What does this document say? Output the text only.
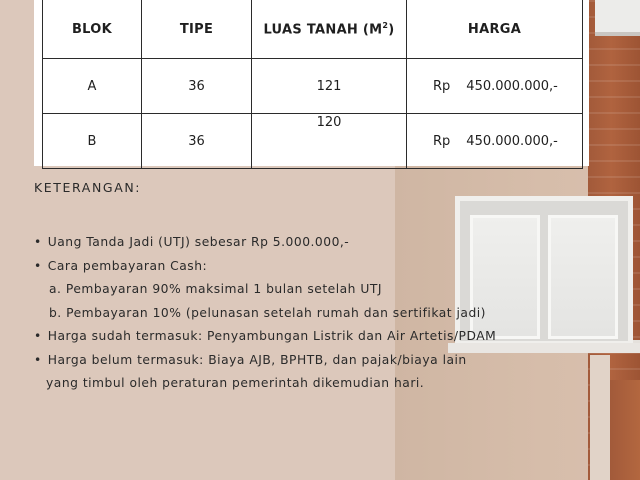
BLOK	TIPE	LUAS TANAH $(M^2)$	HARGA
A	36	121	Rp 450.000.000,-
B	36	120	Rp 450.000.000,-

KETERANGAN:

• Uang Tanda Jadi (UTJ) sebesar Rp 5.000.000,-
• Cara pembayaran Cash:
a. Pembayaran 90% maksimal 1 bulan setelah UTJ
b. Pembayaran 10% (pelunasan setelah rumah dan sertifikat jadi)
• Harga sudah termasuk: Penyambungan Listrik dan Air Artetis/PDAM
• Harga belum termasuk: Biaya AJB, BPHTB, dan pajak/biaya lain
yang timbul oleh peraturan pemerintah dikemudian hari.
